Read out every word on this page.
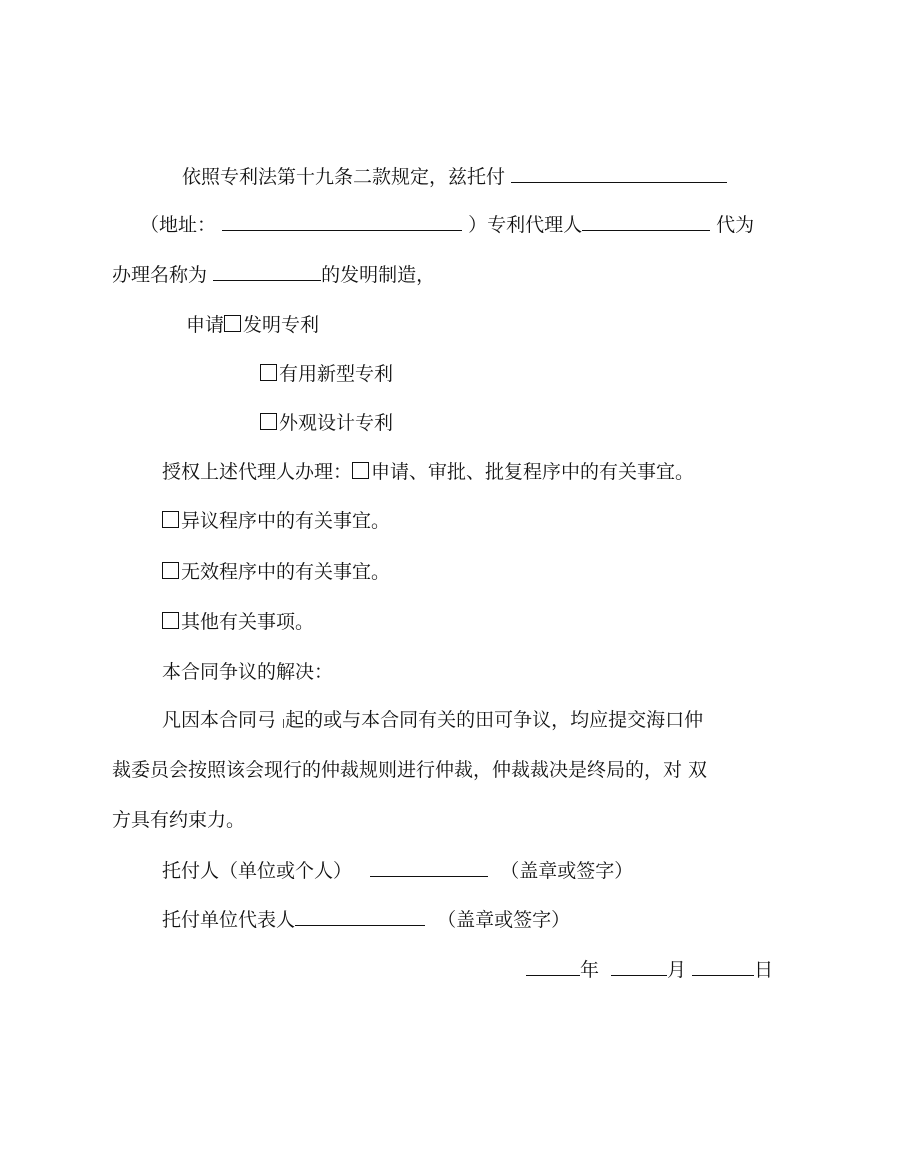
依照专利法第十九条二款规定，兹托付
（地址：	）专利代理人	代为
办理名称为	的发明制造，
申请 发明专利
有用新型专利
外观设计专利
授权上述代理人办理： 申请、审批、批复程序中的有关事宜。
异议程序中的有关事宜。
无效程序中的有关事宜。
其他有关事项。
本合同争议的解决：
凡因本合同弓 |起的或与本合同有关的田可争议，均应提交海口仲
裁委员会按照该会现行的仲裁规则进行仲裁，仲裁裁决是终局的，对 双
方具有约束力。
托付人（单位或个人）	（盖章或签字）
托付单位代表人	（盖章或签字）
年	月	日
